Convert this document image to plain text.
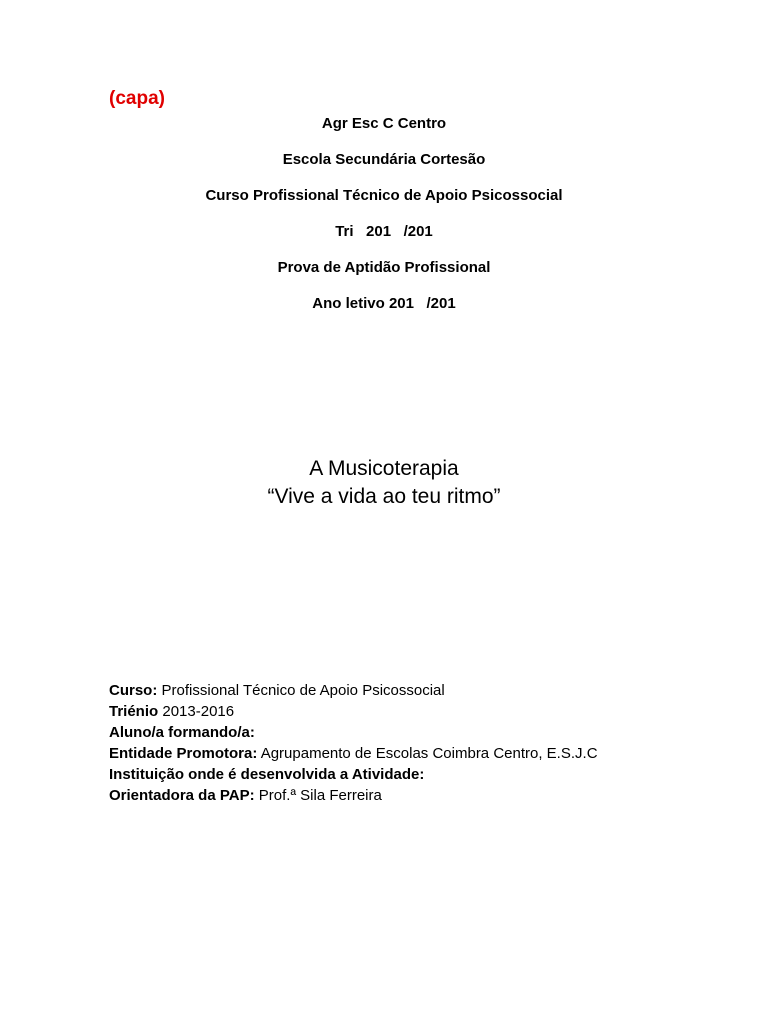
(capa)
Agr Esc C Centro
Escola Secundária Cortesão
Curso Profissional Técnico de Apoio Psicossocial
Tri   201   /201
Prova de Aptidão Profissional
Ano letivo 201   /201
A Musicoterapia
“Vive a vida ao teu ritmo”
Curso: Profissional Técnico de Apoio Psicossocial
Triénio 2013-2016
Aluno/a formando/a:
Entidade Promotora: Agrupamento de Escolas Coimbra Centro, E.S.J.C
Instituição onde é desenvolvida a Atividade:
Orientadora da PAP: Prof.ª Sila Ferreira
